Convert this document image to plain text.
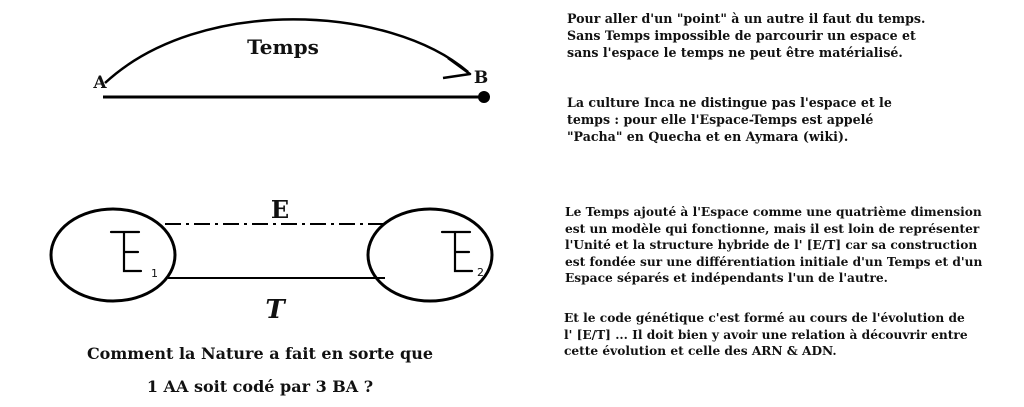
Temps
A	B
E
T
1	2

Pour aller d'un "point" à un autre il faut du temps.
Sans Temps impossible de parcourir un espace et
sans l'espace le temps ne peut être matérialisé.

La culture Inca ne distingue pas l'espace et le
temps : pour elle l'Espace-Temps est appelé
"Pacha" en Quecha et en Aymara (wiki).

Le Temps ajouté à l'Espace comme une quatrième dimension
est un modèle qui fonctionne, mais il est loin de représenter
l'Unité et la structure hybride de l' [E/T] car sa construction
est fondée sur une différentiation initiale d'un Temps et d'un
Espace séparés et indépendants l'un de l'autre.

Et le code génétique c'est formé au cours de l'évolution de
l' [E/T] ... Il doit bien y avoir une relation à découvrir entre
cette évolution et celle des ARN & ADN.

Comment la Nature a fait en sorte que

1 AA soit codé par 3 BA ?
